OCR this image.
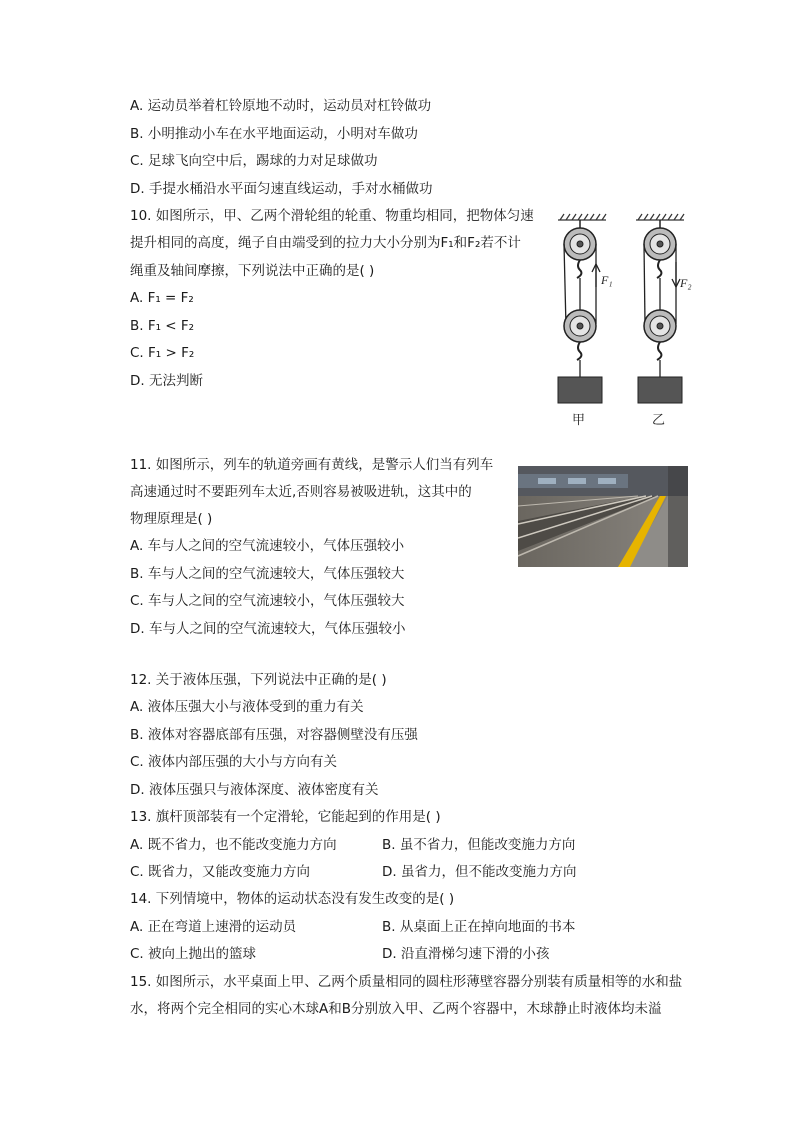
A. 运动员举着杠铃原地不动时，运动员对杠铃做功
B. 小明推动小车在水平地面运动，小明对车做功
C. 足球飞向空中后，踢球的力对足球做功
D. 手提水桶沿水平面匀速直线运动，手对水桶做功
10. 如图所示，甲、乙两个滑轮组的轮重、物重均相同，把物体匀速
提升相同的高度，绳子自由端受到的拉力大小分别为F₁和F₂若不计
绳重及轴间摩擦，下列说法中正确的是( )
A. F₁ = F₂
B. F₁ < F₂
C. F₁ > F₂
D. 无法判断
F₁	F₂
甲	乙
11. 如图所示，列车的轨道旁画有黄线，是警示人们当有列车
高速通过时不要距列车太近,否则容易被吸进轨，这其中的
物理原理是( )
A. 车与人之间的空气流速较小，气体压强较小
B. 车与人之间的空气流速较大，气体压强较大
C. 车与人之间的空气流速较小，气体压强较大
D. 车与人之间的空气流速较大，气体压强较小
12. 关于液体压强，下列说法中正确的是( )
A. 液体压强大小与液体受到的重力有关
B. 液体对容器底部有压强，对容器侧壁没有压强
C. 液体内部压强的大小与方向有关
D. 液体压强只与液体深度、液体密度有关
13. 旗杆顶部装有一个定滑轮，它能起到的作用是( )
A. 既不省力，也不能改变施力方向	B. 虽不省力，但能改变施力方向
C. 既省力，又能改变施力方向	D. 虽省力，但不能改变施力方向
14. 下列情境中，物体的运动状态没有发生改变的是( )
A. 正在弯道上速滑的运动员	B. 从桌面上正在掉向地面的书本
C. 被向上抛出的篮球	D. 沿直滑梯匀速下滑的小孩
15. 如图所示，水平桌面上甲、乙两个质量相同的圆柱形薄壁容器分别装有质量相等的水和盐
水，将两个完全相同的实心木球A和B分别放入甲、乙两个容器中，木球静止时液体均未溢
